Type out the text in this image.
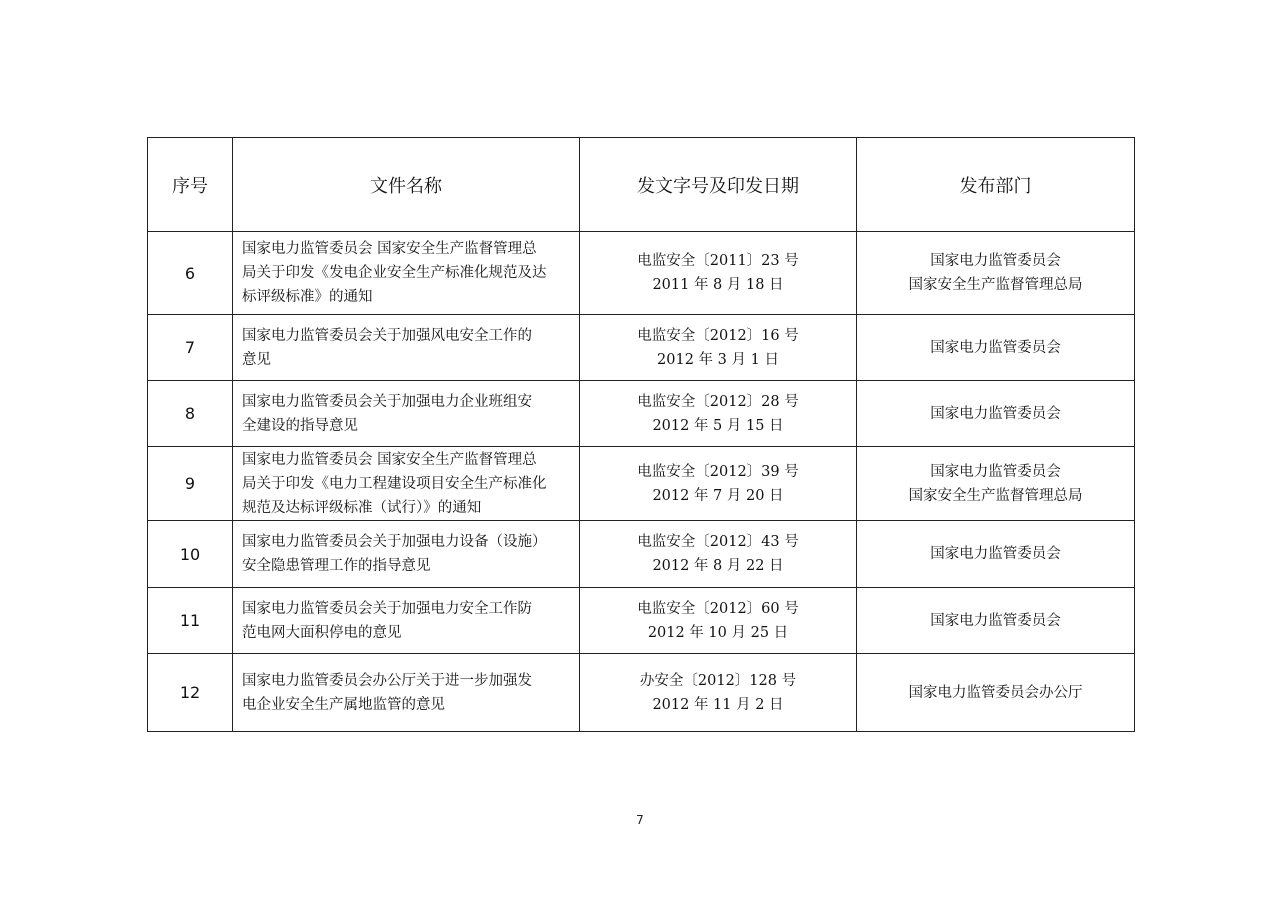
序号	文件名称	发文字号及印发日期	发布部门
6	国家电力监管委员会 国家安全生产监督管理总
局关于印发《发电企业安全生产标准化规范及达
标评级标准》的通知	电监安全〔2011〕23 号
2011 年 8 月 18 日	国家电力监管委员会
国家安全生产监督管理总局

7	国家电力监管委员会关于加强风电安全工作的
意见	电监安全〔2012〕16 号
2012 年 3 月 1 日	国家电力监管委员会

8	国家电力监管委员会关于加强电力企业班组安
全建设的指导意见	电监安全〔2012〕28 号
2012 年 5 月 15 日	国家电力监管委员会

9	国家电力监管委员会 国家安全生产监督管理总
局关于印发《电力工程建设项目安全生产标准化
规范及达标评级标准（试行）》的通知	电监安全〔2012〕39 号
2012 年 7 月 20 日	国家电力监管委员会
国家安全生产监督管理总局

10	国家电力监管委员会关于加强电力设备（设施）
安全隐患管理工作的指导意见	电监安全〔2012〕43 号
2012 年 8 月 22 日	国家电力监管委员会

11	国家电力监管委员会关于加强电力安全工作防
范电网大面积停电的意见	电监安全〔2012〕60 号
2012 年 10 月 25 日	国家电力监管委员会

12	国家电力监管委员会办公厅关于进一步加强发
电企业安全生产属地监管的意见	办安全〔2012〕128 号
2012 年 11 月 2 日	国家电力监管委员会办公厅
7
